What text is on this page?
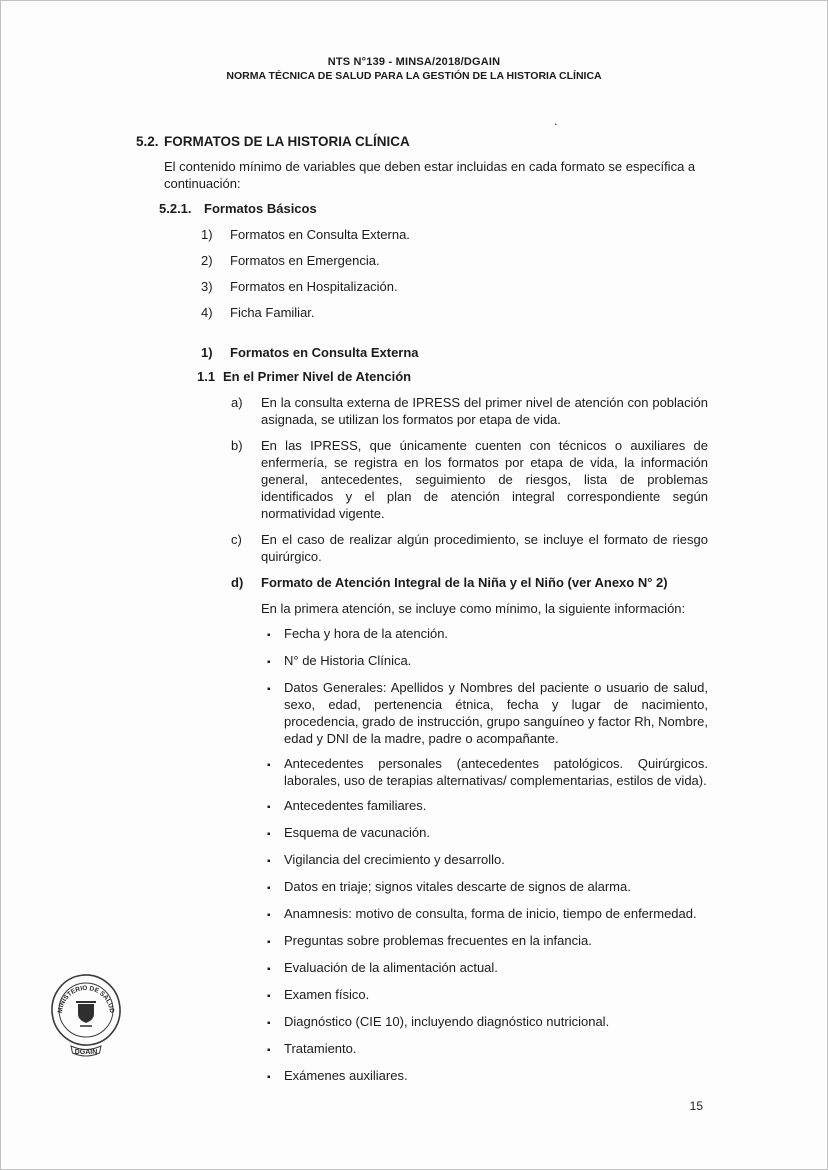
NTS N°139 - MINSA/2018/DGAIN
NORMA TÉCNICA DE SALUD PARA LA GESTIÓN DE LA HISTORIA CLÍNICA
.
5.2. FORMATOS DE LA HISTORIA CLÍNICA

El contenido mínimo de variables que deben estar incluidas en cada formato se específica a continuación:

5.2.1. Formatos Básicos
1)	Formatos en Consulta Externa.
2)	Formatos en Emergencia.
3)	Formatos en Hospitalización.
4)	Ficha Familiar.
1)	Formatos en Consulta Externa
1.1 En el Primer Nivel de Atención
a)	En la consulta externa de IPRESS del primer nivel de atención con población asignada, se utilizan los formatos por etapa de vida.
b)	En las IPRESS, que únicamente cuenten con técnicos o auxiliares de enfermería, se registra en los formatos por etapa de vida, la información general, antecedentes, seguimiento de riesgos, lista de problemas identificados y el plan de atención integral correspondiente según normatividad vigente.
c)	En el caso de realizar algún procedimiento, se incluye el formato de riesgo quirúrgico.
d)	Formato de Atención Integral de la Niña y el Niño (ver Anexo N° 2)

En la primera atención, se incluye como mínimo, la siguiente información:

▪
Fecha y hora de la atención.
▪
N° de Historia Clínica.
▪
Datos Generales: Apellidos y Nombres del paciente o usuario de salud, sexo, edad, pertenencia étnica, fecha y lugar de nacimiento, procedencia, grado de instrucción, grupo sanguíneo y factor Rh, Nombre, edad y DNI de la madre, padre o acompañante.
▪
Antecedentes personales (antecedentes patológicos. Quirúrgicos. laborales, uso de terapias alternativas/ complementarias, estilos de vida).
▪
Antecedentes familiares.
▪
Esquema de vacunación.
▪
Vigilancia del crecimiento y desarrollo.
▪
Datos en triaje; signos vitales descarte de signos de alarma.
▪
Anamnesis: motivo de consulta, forma de inicio, tiempo de enfermedad.
▪
Preguntas sobre problemas frecuentes en la infancia.
▪
Evaluación de la alimentación actual.
▪
Examen físico.
▪
Diagnóstico (CIE 10), incluyendo diagnóstico nutricional.
▪
Tratamiento.
▪
Exámenes auxiliares.
MINISTERIO DE SALUD
DGAIN
15
